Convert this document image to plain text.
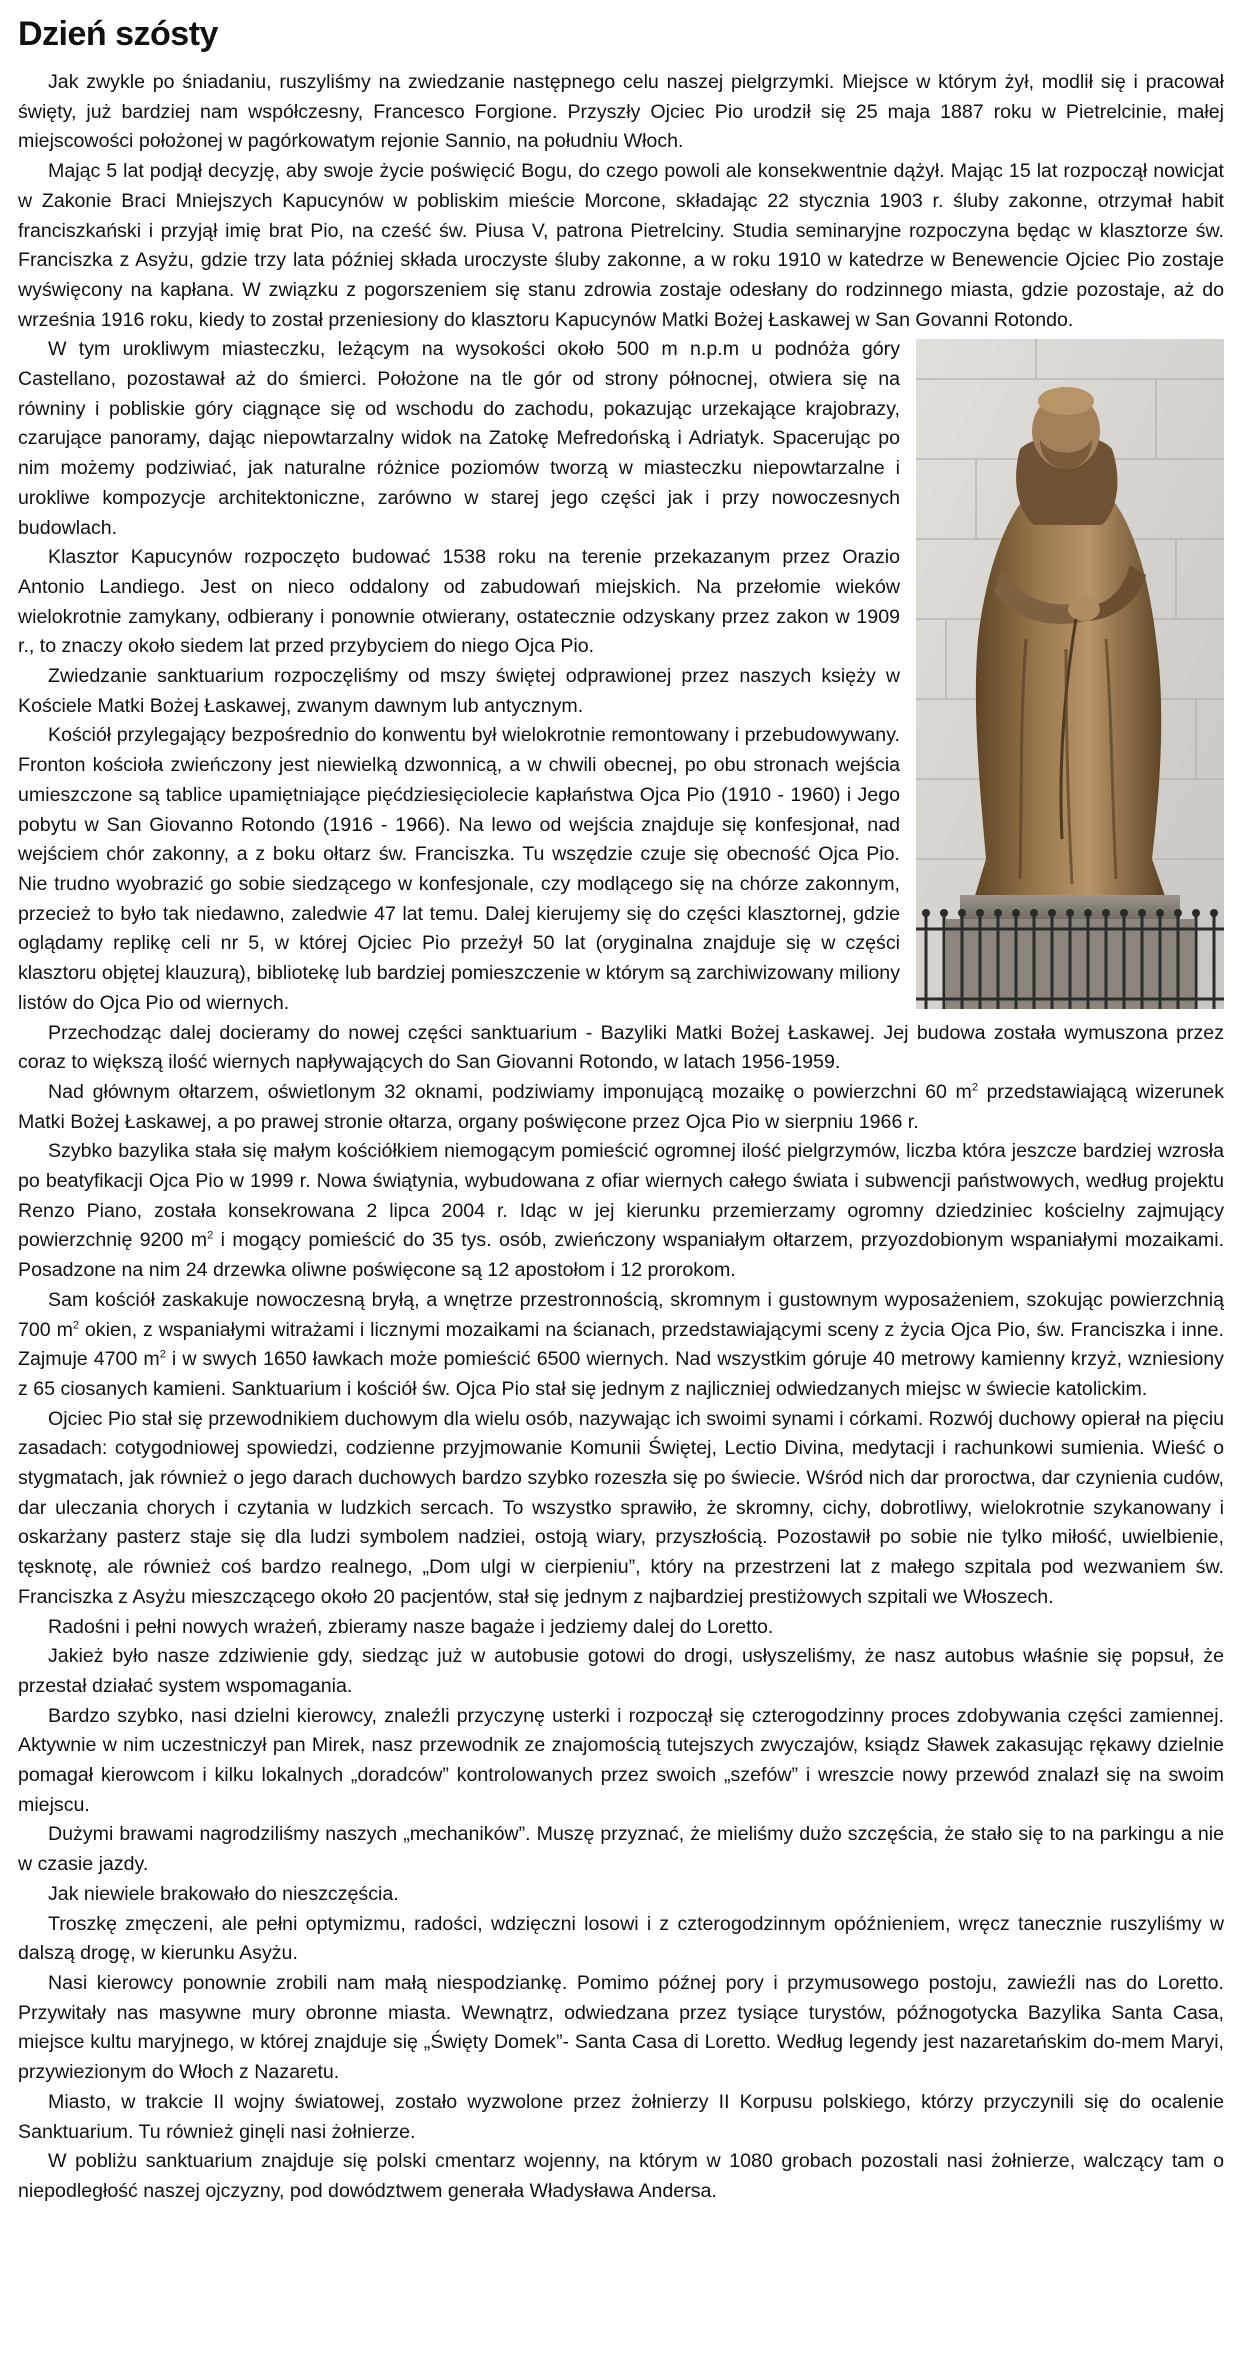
Dzień szósty

Jak zwykle po śniadaniu, ruszyliśmy na zwiedzanie następnego celu naszej pielgrzymki. Miejsce w którym żył, modlił się i pracował święty, już bardziej nam współczesny, Francesco Forgione. Przyszły Ojciec Pio urodził się 25 maja 1887 roku w Pietrelcinie, małej miejscowości położonej w pagórkowatym rejonie Sannio, na południu Włoch.

Mając 5 lat podjął decyzję, aby swoje życie poświęcić Bogu, do czego powoli ale konsekwentnie dążył. Mając 15 lat rozpoczął nowicjat w Zakonie Braci Mniejszych Kapucynów w pobliskim mieście Morcone, składając 22 stycznia 1903 r. śluby zakonne, otrzymał habit franciszkański i przyjął imię brat Pio, na cześć św. Piusa V, patrona Pietrelciny. Studia seminaryjne rozpoczyna będąc w klasztorze św. Franciszka z Asyżu, gdzie trzy lata później składa uroczyste śluby zakonne, a w roku 1910 w katedrze w Benewencie Ojciec Pio zostaje wyświęcony na kapłana. W związku z pogorszeniem się stanu zdrowia zostaje odesłany do rodzinnego miasta, gdzie pozostaje, aż do września 1916 roku, kiedy to został przeniesiony do klasztoru Kapucynów Matki Bożej Łaskawej w San Govanni Rotondo.

W tym urokliwym miasteczku, leżącym na wysokości około 500 m n.p.m u podnóża góry Castellano, pozostawał aż do śmierci. Położone na tle gór od strony północnej, otwiera się na równiny i pobliskie góry ciągnące się od wschodu do zachodu, pokazując urzekające krajobrazy, czarujące panoramy, dając niepowtarzalny widok na Zatokę Mefredońską i Adriatyk. Spacerując po nim możemy podziwiać, jak naturalne różnice poziomów tworzą w miasteczku niepowtarzalne i urokliwe kompozycje architektoniczne, zarówno w starej jego części jak i przy nowoczesnych budowlach.

Klasztor Kapucynów rozpoczęto budować 1538 roku na terenie przekazanym przez Orazio Antonio Landiego. Jest on nieco oddalony od zabudowań miejskich. Na przełomie wieków wielokrotnie zamykany, odbierany i ponownie otwierany, ostatecznie odzyskany przez zakon w 1909 r., to znaczy około siedem lat przed przybyciem do niego Ojca Pio.

Zwiedzanie sanktuarium rozpoczęliśmy od mszy świętej odprawionej przez naszych księży w Kościele Matki Bożej Łaskawej, zwanym dawnym lub antycznym.

Kościół przylegający bezpośrednio do konwentu był wielokrotnie remontowany i przebudowywany. Fronton kościoła zwieńczony jest niewielką dzwonnicą, a w chwili obecnej, po obu stronach wejścia umieszczone są tablice upamiętniające pięćdziesięciolecie kapłaństwa Ojca Pio (1910 - 1960) i Jego pobytu w San Giovanno Rotondo (1916 - 1966). Na lewo od wejścia znajduje się konfesjonał, nad wejściem chór zakonny, a z boku ołtarz św. Franciszka. Tu wszędzie czuje się obecność Ojca Pio. Nie trudno wyobrazić go sobie siedzącego w konfesjonale, czy modlącego się na chórze zakonnym, przecież to było tak niedawno, zaledwie 47 lat temu. Dalej kierujemy się do części klasztornej, gdzie oglądamy replikę celi nr 5, w której Ojciec Pio przeżył 50 lat (oryginalna znajduje się w części klasztoru objętej klauzurą), bibliotekę lub bardziej pomieszczenie w którym są zarchiwizowany miliony listów do Ojca Pio od wiernych.

Przechodząc dalej docieramy do nowej części sanktuarium - Bazyliki Matki Bożej Łaskawej. Jej budowa została wymuszona przez coraz to większą ilość wiernych napływających do San Giovanni Rotondo, w latach 1956-1959.

Nad głównym ołtarzem, oświetlonym 32 oknami, podziwiamy imponującą mozaikę o powierzchni 60 $m^2$ przedstawiającą wizerunek Matki Bożej Łaskawej, a po prawej stronie ołtarza, organy poświęcone przez Ojca Pio w sierpniu 1966 r.

Szybko bazylika stała się małym kościółkiem niemogącym pomieścić ogromnej ilość pielgrzymów, liczba która jeszcze bardziej wzrosła po beatyfikacji Ojca Pio w 1999 r. Nowa świątynia, wybudowana z ofiar wiernych całego świata i subwencji państwowych, według projektu Renzo Piano, została konsekrowana 2 lipca 2004 r. Idąc w jej kierunku przemierzamy ogromny dziedziniec kościelny zajmujący powierzchnię 9200 $m^2$ i mogący pomieścić do 35 tys. osób, zwieńczony wspaniałym ołtarzem, przyozdobionym wspaniałymi mozaikami. Posadzone na nim 24 drzewka oliwne poświęcone są 12 apostołom i 12 prorokom.

Sam kościół zaskakuje nowoczesną bryłą, a wnętrze przestronnością, skromnym i gustownym wyposażeniem, szokując powierzchnią 700 $m^2$ okien, z wspaniałymi witrażami i licznymi mozaikami na ścianach, przedstawiającymi sceny z życia Ojca Pio, św. Franciszka i inne. Zajmuje 4700 $m^2$ i w swych 1650 ławkach może pomieścić 6500 wiernych. Nad wszystkim góruje 40 metrowy kamienny krzyż, wzniesiony z 65 ciosanych kamieni. Sanktuarium i kościół św. Ojca Pio stał się jednym z najliczniej odwiedzanych miejsc w świecie katolickim.

Ojciec Pio stał się przewodnikiem duchowym dla wielu osób, nazywając ich swoimi synami i córkami. Rozwój duchowy opierał na pięciu zasadach: cotygodniowej spowiedzi, codzienne przyjmowanie Komunii Świętej, Lectio Divina, medytacji i rachunkowi sumienia. Wieść o stygmatach, jak również o jego darach duchowych bardzo szybko rozeszła się po świecie. Wśród nich dar proroctwa, dar czynienia cudów, dar uleczania chorych i czytania w ludzkich sercach. To wszystko sprawiło, że skromny, cichy, dobrotliwy, wielokrotnie szykanowany i oskarżany pasterz staje się dla ludzi symbolem nadziei, ostoją wiary, przyszłością. Pozostawił po sobie nie tylko miłość, uwielbienie, tęsknotę, ale również coś bardzo realnego, „Dom ulgi w cierpieniu”, który na przestrzeni lat z małego szpitala pod wezwaniem św. Franciszka z Asyżu mieszczącego około 20 pacjentów, stał się jednym z najbardziej prestiżowych szpitali we Włoszech.

Radośni i pełni nowych wrażeń, zbieramy nasze bagaże i jedziemy dalej do Loretto.

Jakież było nasze zdziwienie gdy, siedząc już w autobusie gotowi do drogi, usłyszeliśmy, że nasz autobus właśnie się popsuł, że przestał działać system wspomagania.

Bardzo szybko, nasi dzielni kierowcy, znaleźli przyczynę usterki i rozpoczął się czterogodzinny proces zdobywania części zamiennej. Aktywnie w nim uczestniczył pan Mirek, nasz przewodnik ze znajomością tutejszych zwyczajów, ksiądz Sławek zakasując rękawy dzielnie pomagał kierowcom i kilku lokalnych „doradców” kontrolowanych przez swoich „szefów” i wreszcie nowy przewód znalazł się na swoim miejscu.

Dużymi brawami nagrodziliśmy naszych „mechaników”. Muszę przyznać, że mieliśmy dużo szczęścia, że stało się to na parkingu a nie w czasie jazdy.

Jak niewiele brakowało do nieszczęścia.

Troszkę zmęczeni, ale pełni optymizmu, radości, wdzięczni losowi i z czterogodzinnym opóźnieniem, wręcz tanecznie ruszyliśmy w dalszą drogę, w kierunku Asyżu.

Nasi kierowcy ponownie zrobili nam małą niespodziankę. Pomimo późnej pory i przymusowego postoju, zawieźli nas do Loretto. Przywitały nas masywne mury obronne miasta. Wewnątrz, odwiedzana przez tysiące turystów, późnogotycka Bazylika Santa Casa, miejsce kultu maryjnego, w której znajduje się „Święty Domek”- Santa Casa di Loretto. Według legendy jest nazaretańskim do-mem Maryi, przywiezionym do Włoch z Nazaretu.

Miasto, w trakcie II wojny światowej, zostało wyzwolone przez żołnierzy II Korpusu polskiego, którzy przyczynili się do ocalenie Sanktuarium. Tu również ginęli nasi żołnierze.

W pobliżu sanktuarium znajduje się polski cmentarz wojenny, na którym w 1080 grobach pozostali nasi żołnierze, walczący tam o niepodległość naszej ojczyzny, pod dowództwem generała Władysława Andersa.
